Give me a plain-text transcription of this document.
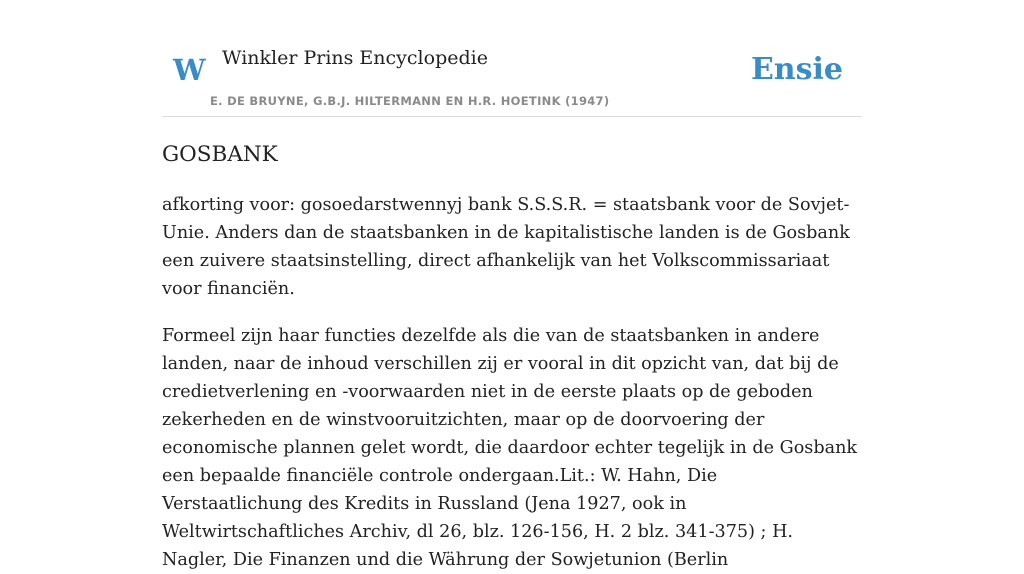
W Winkler Prins Encyclopedie
E. DE BRUYNE, G.B.J. HILTERMANN EN H.R. HOETINK (1947)
Ensie
GOSBANK

afkorting voor: gosoedarstwennyj bank S.S.S.R. = staatsbank voor de Sovjet-Unie. Anders dan de staatsbanken in de kapitalistische landen is de Gosbank een zuivere staatsinstelling, direct afhankelijk van het Volkscommissariaat voor financiën.

Formeel zijn haar functies dezelfde als die van de staatsbanken in andere landen, naar de inhoud verschillen zij er vooral in dit opzicht van, dat bij de credietverlening en -voorwaarden niet in de eerste plaats op de geboden zekerheden en de winstvooruitzichten, maar op de doorvoering der economische plannen gelet wordt, die daardoor echter tegelijk in de Gosbank een bepaalde financiële controle ondergaan.Lit.: W. Hahn, Die Verstaatlichung des Kredits in Russland (Jena 1927, ook in Weltwirtschaftliches Archiv, dl 26, blz. 126-156, H. 2 blz. 341-375) ; H. Nagler, Die Finanzen und die Währung der Sowjetunion (Berlin
